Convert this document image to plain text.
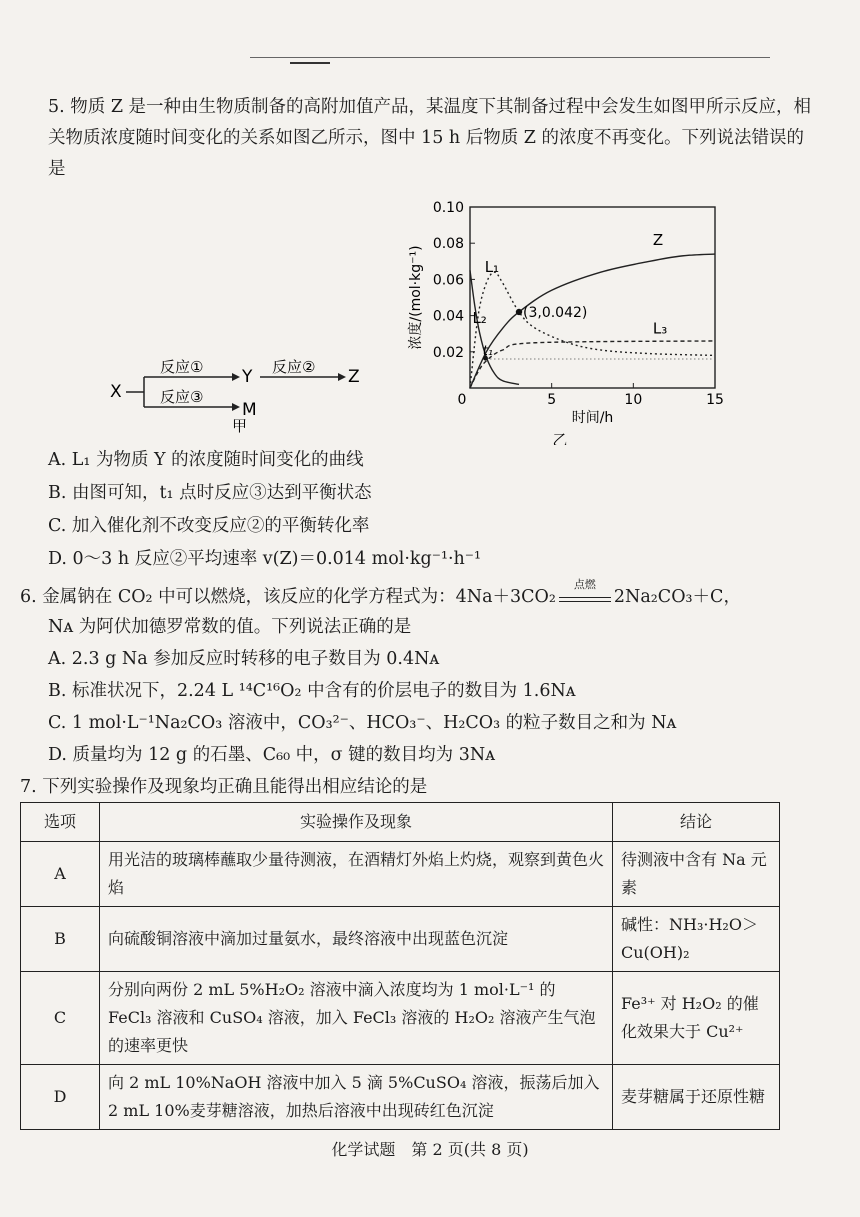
5. 物质 Z 是一种由生物质制备的高附加值产品，某温度下其制备过程中会发生如图甲所示反应，相关物质浓度随时间变化的关系如图乙所示，图中 15 h 后物质 Z 的浓度不再变化。下列说法错误的是
X
反应①
反应③
Y 反应② Z
M
甲
0.02
0.04
0.06
0.08
0.10
0	5	10	15
时间/h
浓度/(mol·kg⁻¹)
乙
Z
L₁
L₂
L₃
(3,0.042)
t₁
A. L₁ 为物质 Y 的浓度随时间变化的曲线
B. 由图可知，t₁ 点时反应③达到平衡状态
C. 加入催化剂不改变反应②的平衡转化率
D. 0～3 h 反应②平均速率 v(Z)＝0.014 mol·kg⁻¹·h⁻¹
6. 金属钠在 CO₂ 中可以燃烧，该反应的化学方程式为：4Na＋3CO₂
点燃
2Na₂CO₃＋C，
Nᴀ 为阿伏加德罗常数的值。下列说法正确的是
A. 2.3 g Na 参加反应时转移的电子数目为 0.4Nᴀ
B. 标准状况下，2.24 L ¹⁴C¹⁶O₂ 中含有的价层电子的数目为 1.6Nᴀ
C. 1 mol·L⁻¹Na₂CO₃ 溶液中，CO₃²⁻、HCO₃⁻、H₂CO₃ 的粒子数目之和为 Nᴀ
D. 质量均为 12 g 的石墨、C₆₀ 中，σ 键的数目均为 3Nᴀ
7. 下列实验操作及现象均正确且能得出相应结论的是
选项	实验操作及现象	结论
A	用光洁的玻璃棒蘸取少量待测液，在酒精灯外焰上灼烧，观察到黄色火焰	待测液中含有 Na 元素
B	向硫酸铜溶液中滴加过量氨水，最终溶液中出现蓝色沉淀	碱性：NH₃·H₂O＞Cu(OH)₂
C	分别向两份 2 mL 5%H₂O₂ 溶液中滴入浓度均为 1 mol·L⁻¹ 的 FeCl₃ 溶液和 CuSO₄ 溶液，加入 FeCl₃ 溶液的 H₂O₂ 溶液产生气泡的速率更快	Fe³⁺ 对 H₂O₂ 的催化效果大于 Cu²⁺
D	向 2 mL 10%NaOH 溶液中加入 5 滴 5%CuSO₄ 溶液，振荡后加入 2 mL 10%麦芽糖溶液，加热后溶液中出现砖红色沉淀	麦芽糖属于还原性糖
化学试题　第 2 页(共 8 页)
